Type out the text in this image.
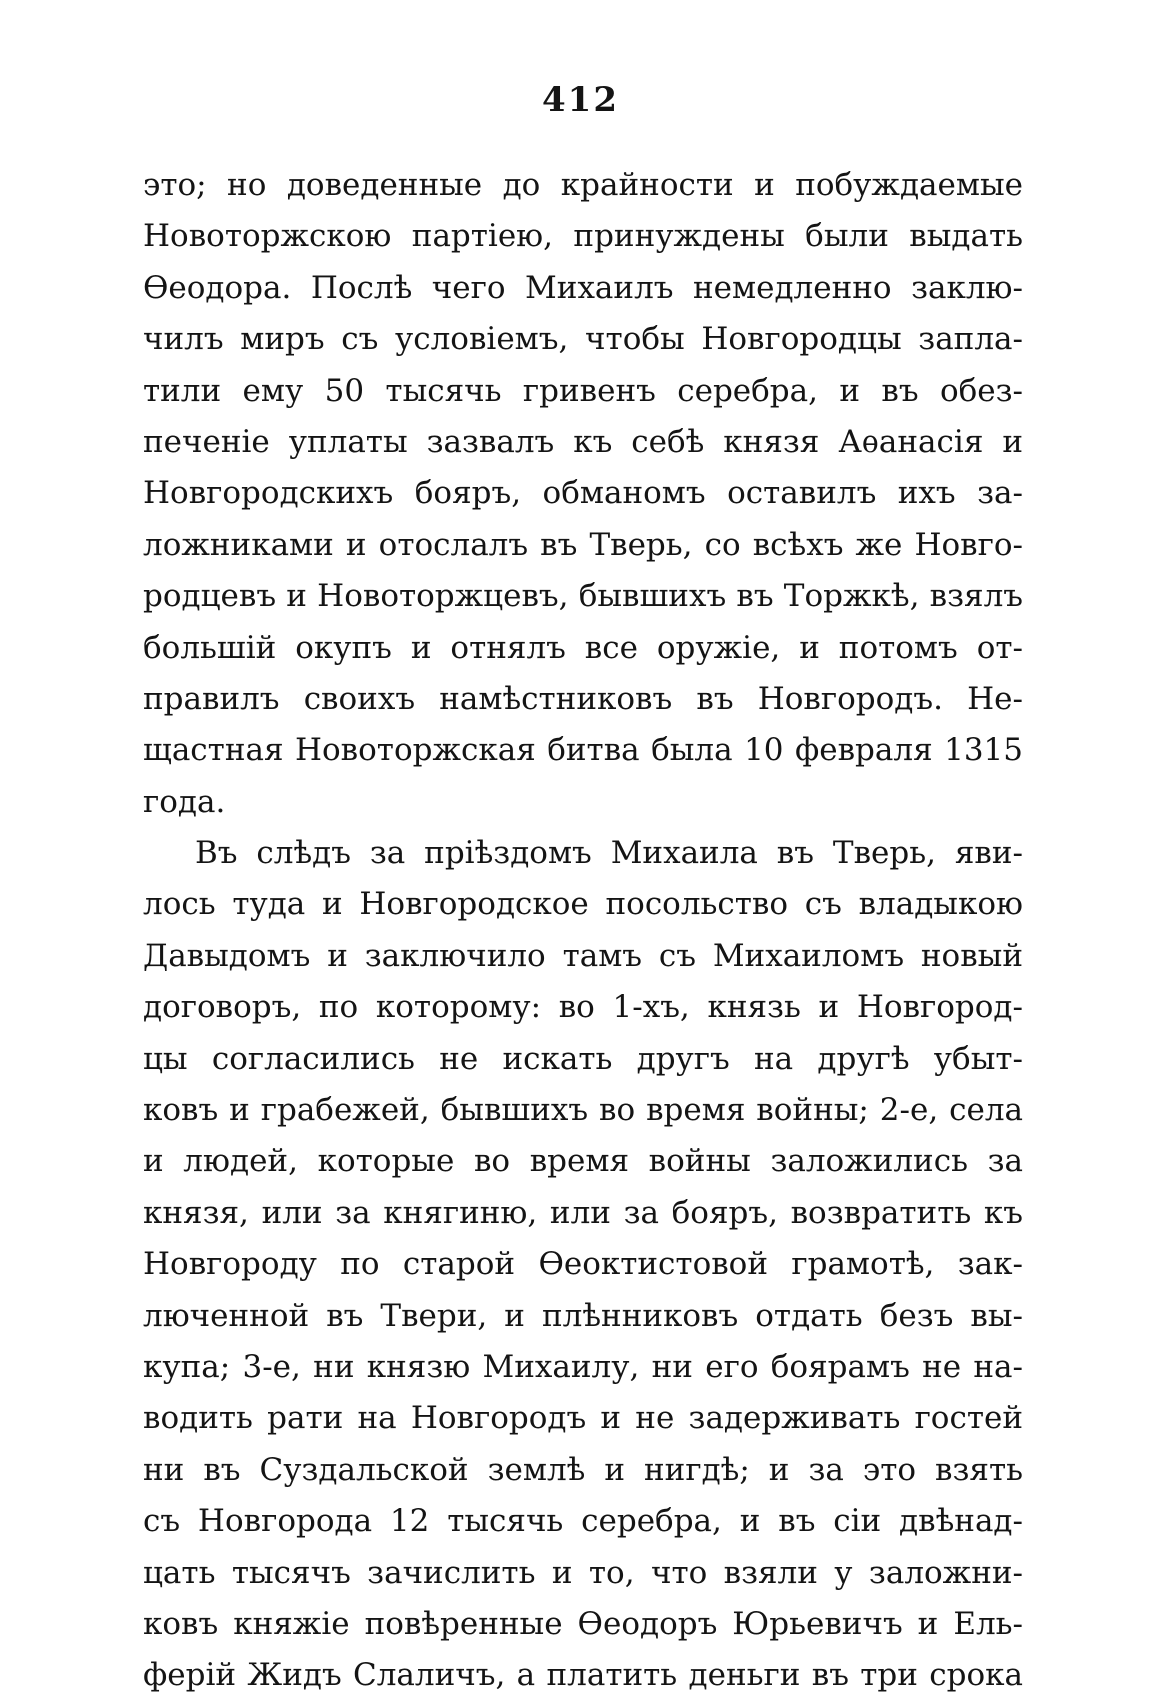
412
это; но доведенные до крайности и побуждаемые
Новоторжскою партіею, принуждены были выдать
Ѳеодора. Послѣ чего Михаилъ немедленно заклю-
чилъ миръ съ условіемъ, чтобы Новгородцы запла-
тили ему 50 тысячь гривенъ серебра, и въ обез-
печеніе уплаты зазвалъ къ себѣ князя Аѳанасія и
Новгородскихъ бояръ, обманомъ оставилъ ихъ за-
ложниками и отослалъ въ Тверь, со всѣхъ же Новго-
родцевъ и Новоторжцевъ, бывшихъ въ Торжкѣ, взялъ
большій окупъ и отнялъ все оружіе, и потомъ от-
правилъ своихъ намѣстниковъ въ Новгородъ. Не-
щастная Новоторжская битва была 10 февраля 1315
года.
Въ слѣдъ за пріѣздомъ Михаила въ Тверь, яви-
лось туда и Новгородское посольство съ владыкою
Давыдомъ и заключило тамъ съ Михаиломъ новый
договоръ, по которому: во 1-хъ, князь и Новгород-
цы согласились не искать другъ на другѣ убыт-
ковъ и грабежей, бывшихъ во время войны; 2-е, села
и людей, которые во время войны заложились за
князя, или за княгиню, или за бояръ, возвратить къ
Новгороду по старой Ѳеоктистовой грамотѣ, зак-
люченной въ Твери, и плѣнниковъ отдать безъ вы-
купа; 3-е, ни князю Михаилу, ни его боярамъ не на-
водить рати на Новгородъ и не задерживать гостей
ни въ Суздальской землѣ и нигдѣ; и за это взять
съ Новгорода 12 тысячь серебра, и въ сіи двѣнад-
цать тысячъ зачислить и то, что взяли у заложни-
ковъ княжіе повѣренные Ѳеодоръ Юрьевичъ и Ель-
ферій Жидъ Слаличъ, а платить деньги въ три срока
